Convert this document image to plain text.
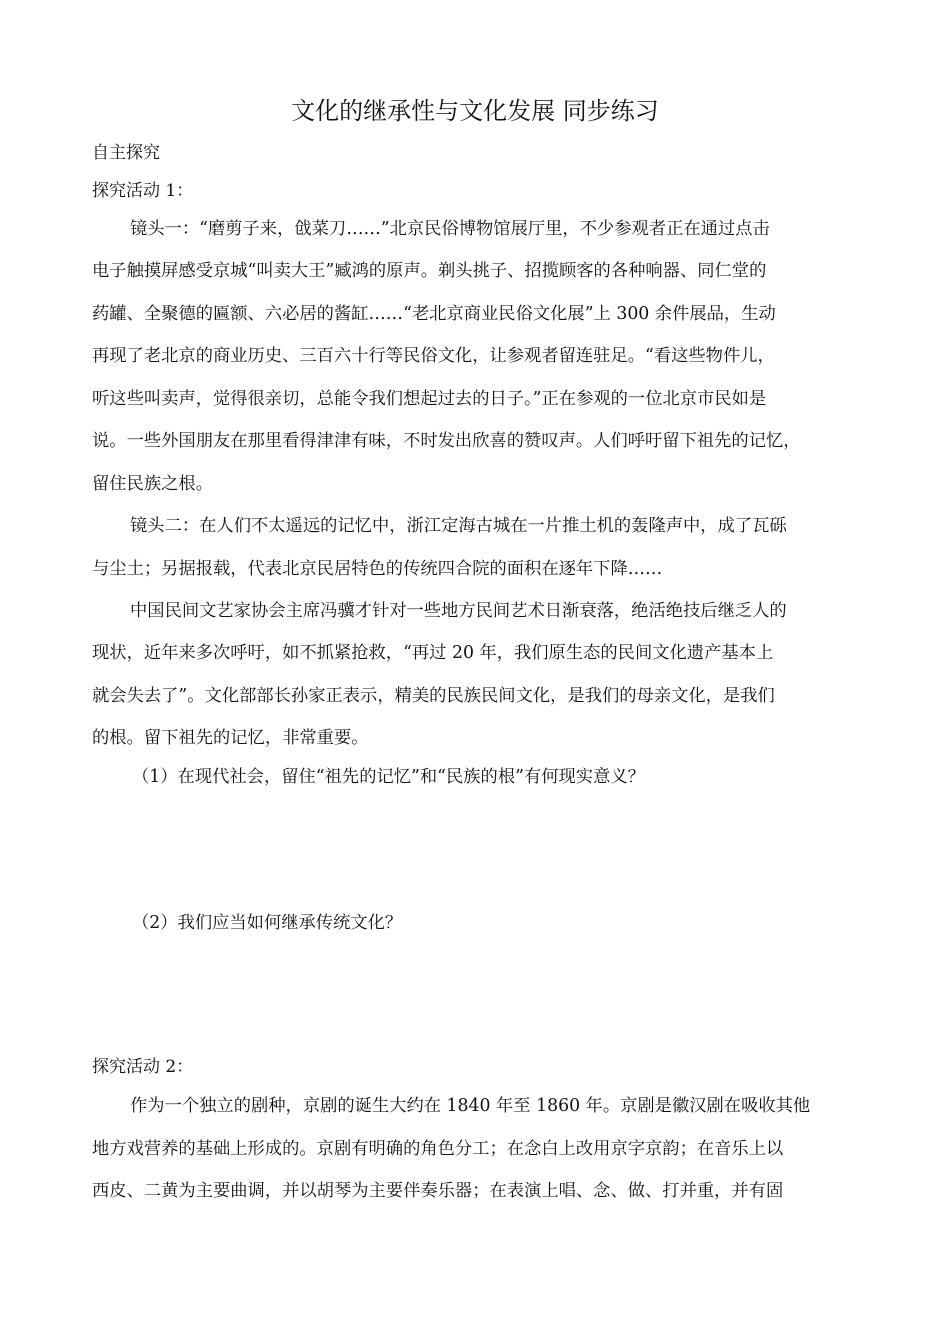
文化的继承性与文化发展 同步练习
自主探究
探究活动 1：
镜头一：“磨剪子来，戗菜刀……”北京民俗博物馆展厅里，不少参观者正在通过点击
电子触摸屏感受京城“叫卖大王”臧鸿的原声。剃头挑子、招揽顾客的各种响器、同仁堂的
药罐、全聚德的匾额、六必居的酱缸……“老北京商业民俗文化展”上 300 余件展品，生动
再现了老北京的商业历史、三百六十行等民俗文化，让参观者留连驻足。“看这些物件儿，
听这些叫卖声，觉得很亲切，总能令我们想起过去的日子。”正在参观的一位北京市民如是
说。一些外国朋友在那里看得津津有味，不时发出欣喜的赞叹声。人们呼吁留下祖先的记忆，
留住民族之根。
镜头二：在人们不太遥远的记忆中，浙江定海古城在一片推土机的轰隆声中，成了瓦砾
与尘土；另据报载，代表北京民居特色的传统四合院的面积在逐年下降……
中国民间文艺家协会主席冯骥才针对一些地方民间艺术日渐衰落，绝活绝技后继乏人的
现状，近年来多次呼吁，如不抓紧抢救，“再过 20 年，我们原生态的民间文化遗产基本上
就会失去了”。文化部部长孙家正表示，精美的民族民间文化，是我们的母亲文化，是我们
的根。留下祖先的记忆，非常重要。
（1）在现代社会，留住“祖先的记忆”和“民族的根”有何现实意义？
（2）我们应当如何继承传统文化？
探究活动 2：
作为一个独立的剧种，京剧的诞生大约在 1840 年至 1860 年。京剧是徽汉剧在吸收其他
地方戏营养的基础上形成的。京剧有明确的角色分工；在念白上改用京字京韵；在音乐上以
西皮、二黄为主要曲调，并以胡琴为主要伴奏乐器；在表演上唱、念、做、打并重，并有固
